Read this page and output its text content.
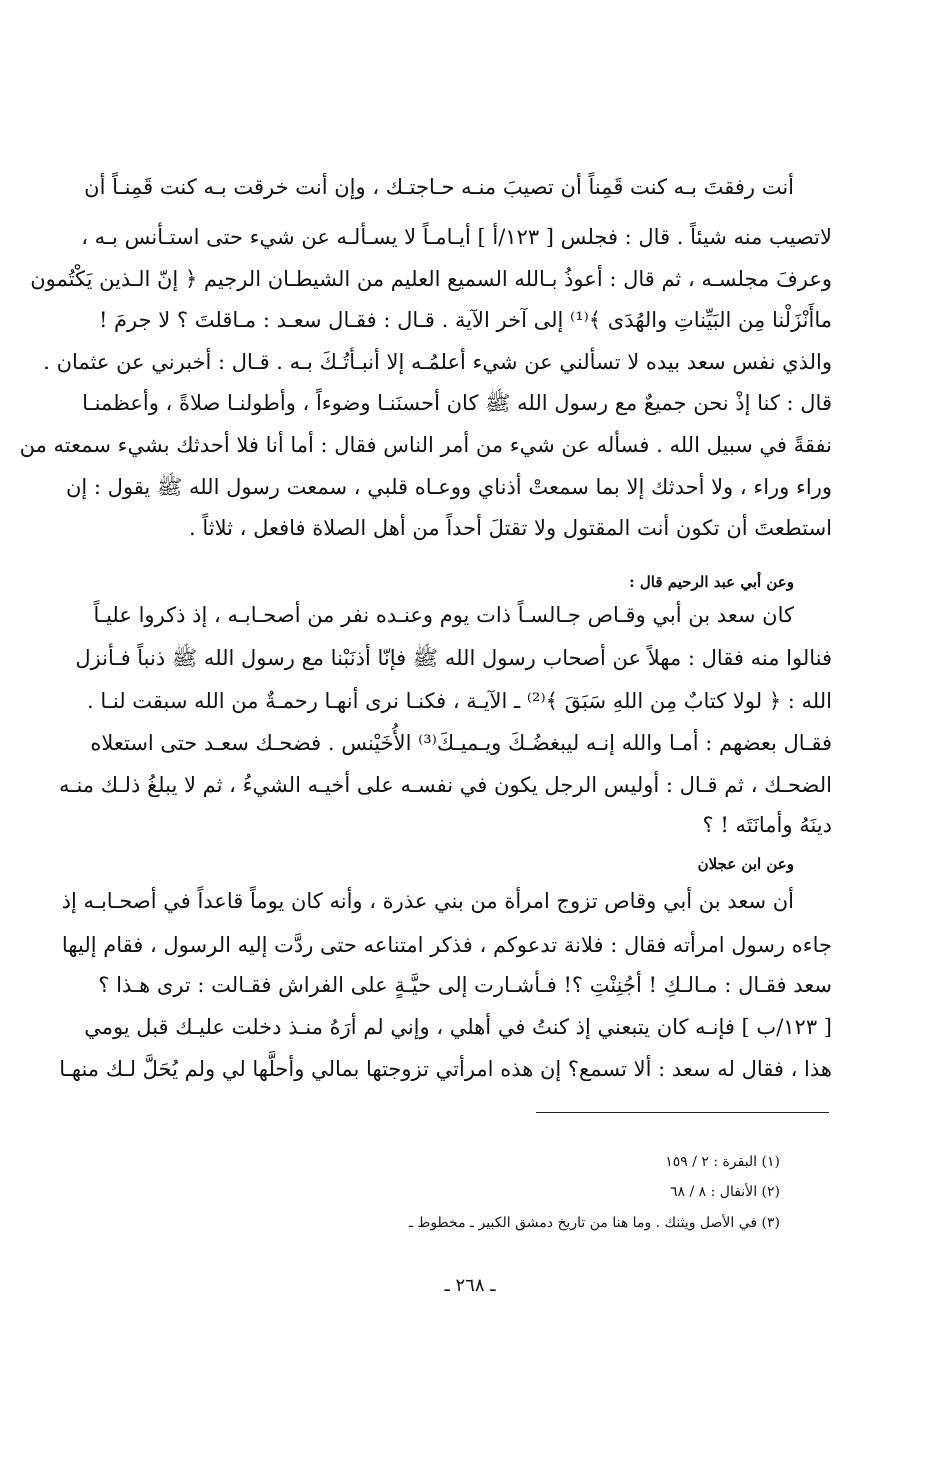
أنت رفقتَ بـه كنت قَمِناً أن تصيبَ منـه حـاجتـك ، وإن أنت خرقت بـه كنت قَمِنـاً أن
لاتصيب منه شيئاً . قال : فجلس [ ١٢٣/أ ] أيـامـاً لا يسـألـه عن شيء حتى استـأنس بـه ،
وعرفَ مجلسـه ، ثم قال : أعوذُ بـالله السميع العليم من الشيطـان الرجيم ﴿ إنّ الـذين يَكْتُمون
ماأَنْزَلْنا مِن البَيِّناتِ والهُدَى ﴾⁽¹⁾ إلى آخر الآية . قـال : فقـال سعـد : مـاقلتَ ؟ لا جرمَ !
والذي نفس سعد بيده لا تسألني عن شيء أعلمُـه إلا أنبـأتُـكَ بـه . قـال : أخبرني عن عثمان .
قال : كنا إذْ نحن جميعٌ مع رسول الله ﷺ كان أحسنَنـا وضوءاً ، وأطولنـا صلاةً ، وأعظمنـا
نفقةً في سبيل الله . فسأله عن شيء من أمر الناس فقال : أما أنا فلا أحدثك بشيء سمعته من
وراء وراء ، ولا أحدثك إلا بما سمعتْ أذناي ووعـاه قلبي ، سمعت رسول الله ﷺ يقول : إن
استطعتَ أن تكون أنت المقتول ولا تقتلَ أحداً من أهل الصلاة فافعل ، ثلاثاً .
وعن أبي عبد الرحيم قال :
كان سعد بن أبي وقـاص جـالسـاً ذات يوم وعنـده نفر من أصحـابـه ، إذ ذكروا عليـاً
فنالوا منه فقال : مهلاً عن أصحاب رسول الله ﷺ فإنّا أذنَبْنا مع رسول الله ﷺ ذنباً فـأنزل
الله : ﴿ لولا كتابٌ مِن اللهِ سَبَقَ ﴾⁽²⁾ ـ الآيـة ، فكنـا نرى أنهـا رحمـةٌ من الله سبقت لنـا .
فقـال بعضهم : أمـا والله إنـه ليبغضُـكَ ويـميـكَ⁽³⁾ الأُخَيْنس . فضحـك سعـد حتى استعلاه
الضحـك ، ثم قـال : أوليس الرجل يكون في نفسـه على أخيـه الشيءُ ، ثم لا يبلغُ ذلـك منـه
دينَهُ وأمانَتَه ! ؟
وعن ابن عجلان
أن سعد بن أبي وقاص تزوج امرأة من بني عذرة ، وأنه كان يوماً قاعداً في أصحـابـه إذ
جاءه رسول امرأته فقال : فلانة تدعوكم ، فذكر امتناعه حتى ردَّت إليه الرسول ، فقام إليها
سعد فقـال : مـالـكِ ! أجُنِنْتِ ؟! فـأشـارت إلى حيَّـةٍ على الفراش فقـالت : ترى هـذا ؟
[ ١٢٣/ب ] فإنـه كان يتبعني إذ كنتُ في أهلي ، وإني لم أرَهُ منـذ دخلت عليـك قبل يومي
هذا ، فقال له سعد : ألا تسمع؟ إن هذه امرأتي تزوجتها بمالي وأحلَّها لي ولم يُحَلَّ لـك منهـا
(١) البقرة : ٢ / ١٥٩
(٢) الأنفال : ٨ / ٦٨
(٣) في الأصل ويثنك . وما هنا من تاريخ دمشق الكبير ـ مخطوط ـ
ـ ٢٦٨ ـ
